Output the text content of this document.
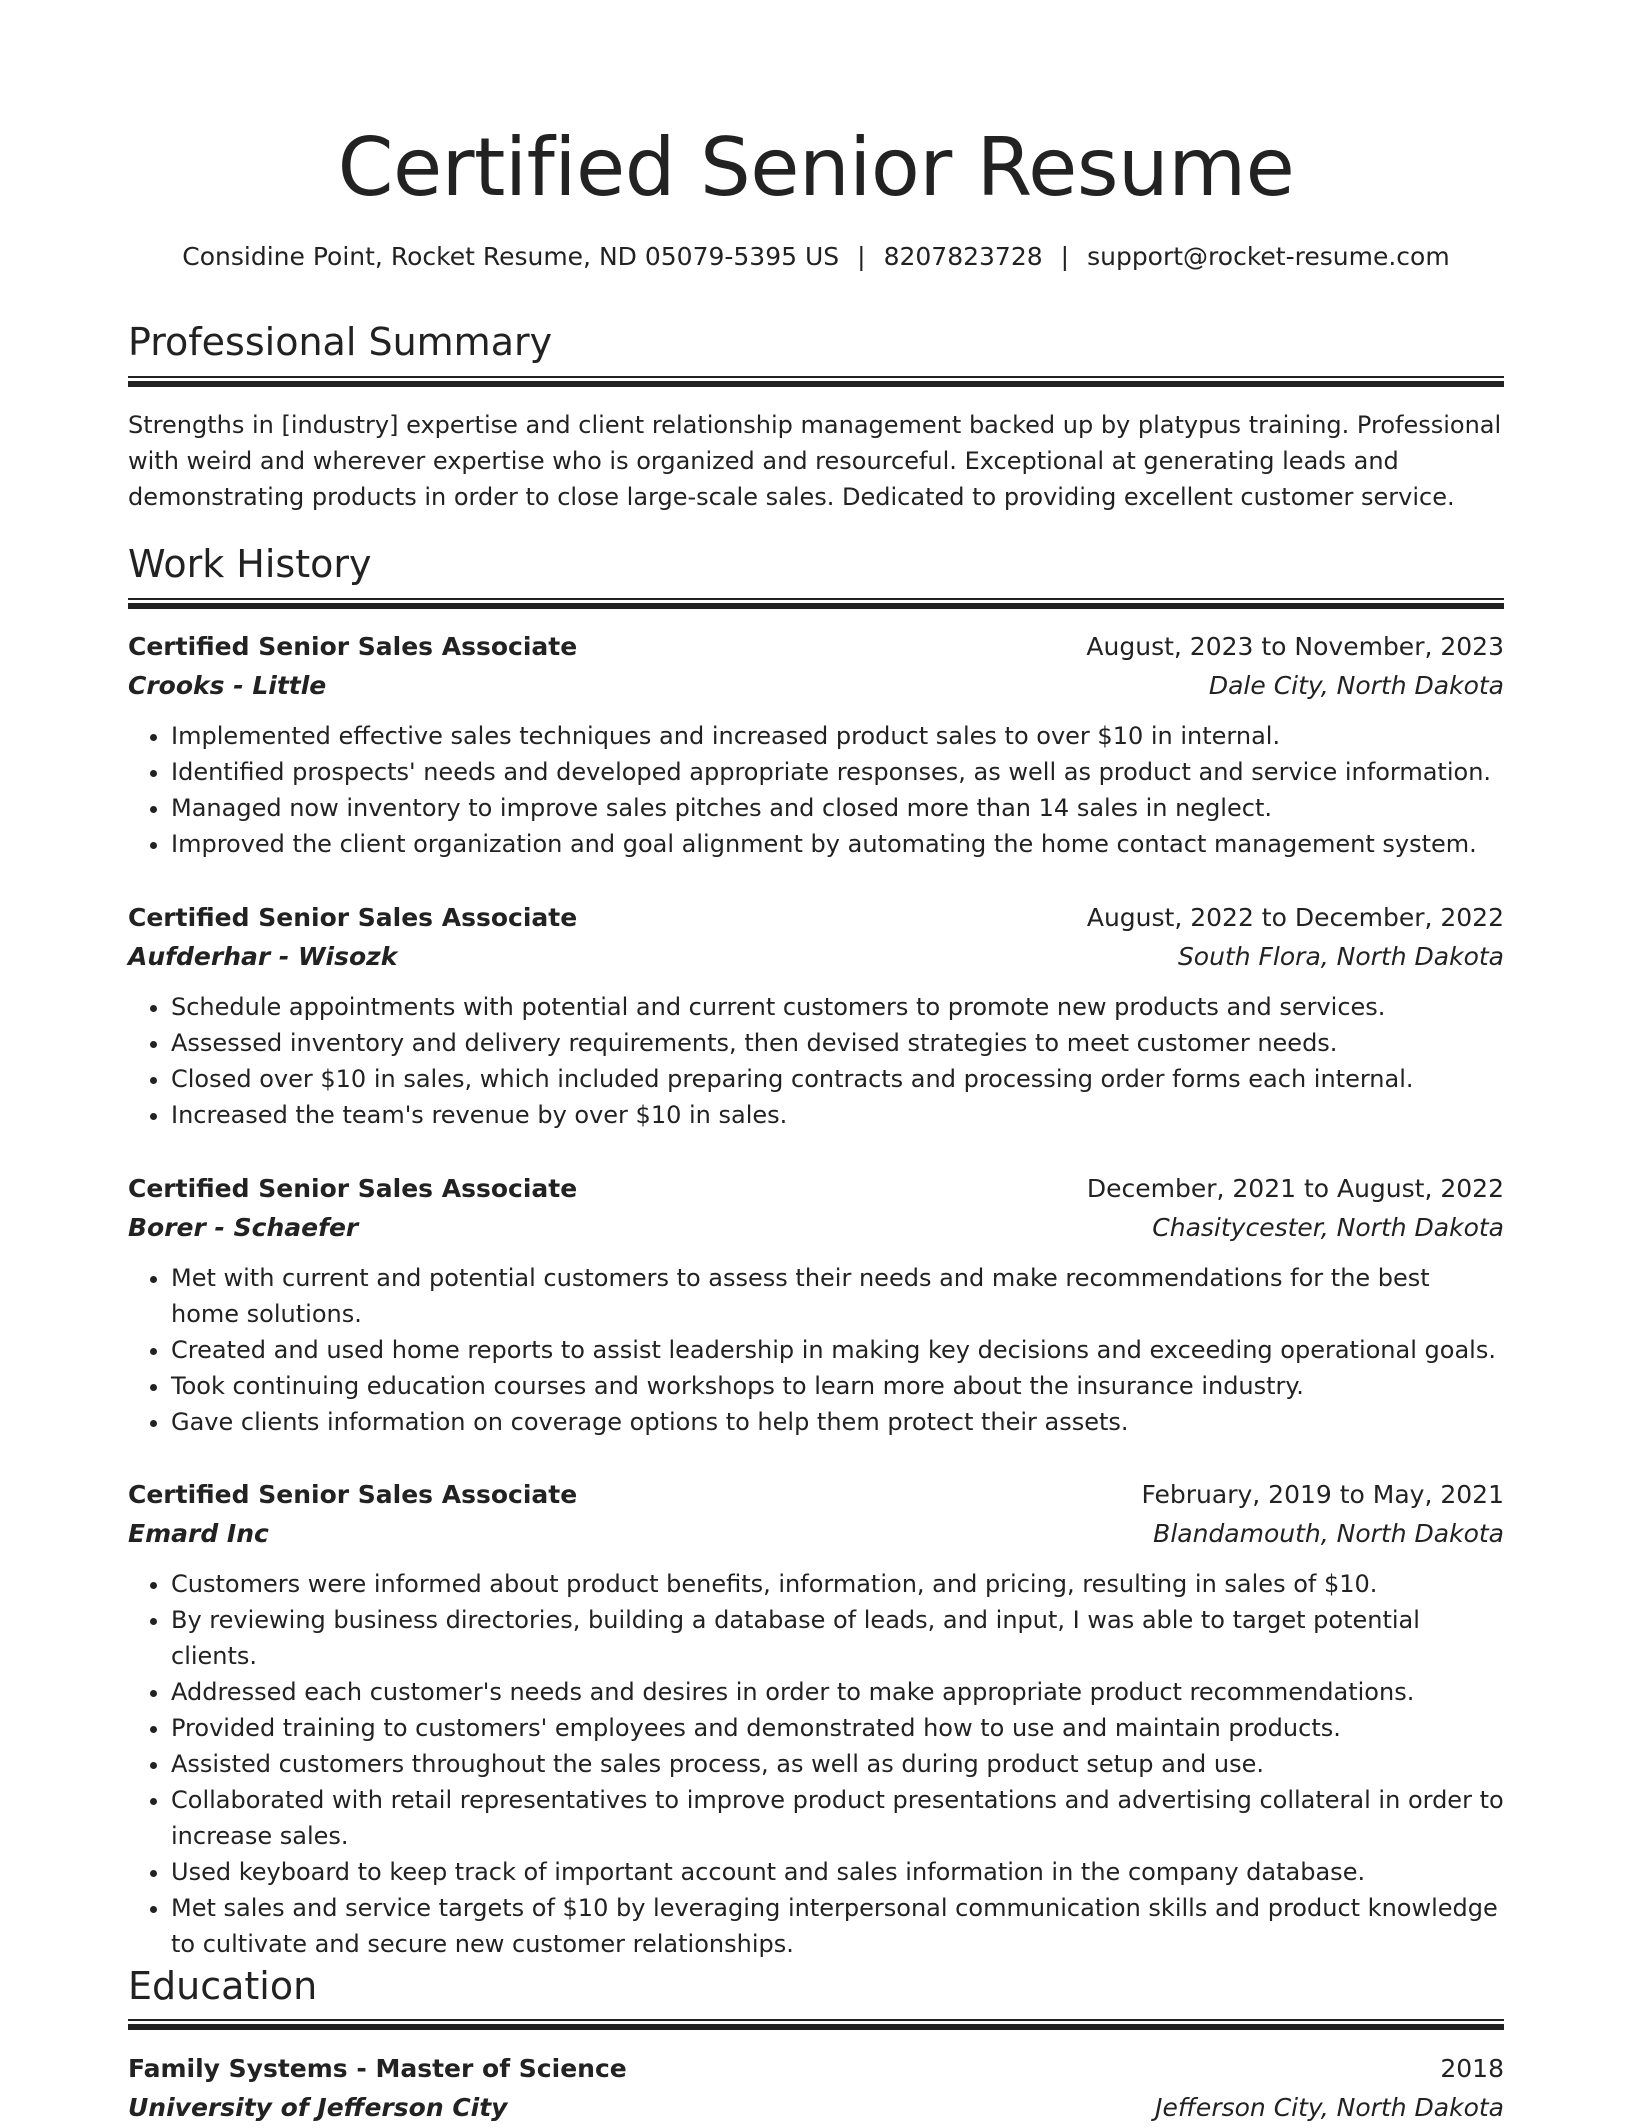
Certified Senior Resume
Considine Point, Rocket Resume, ND 05079-5395 US | 8207823728 | support@rocket-resume.com
Professional Summary
Strengths in [industry] expertise and client relationship management backed up by platypus training. Professional with weird and wherever expertise who is organized and resourceful. Exceptional at generating leads and demonstrating products in order to close large-scale sales. Dedicated to providing excellent customer service.
Work History
Certified Senior Sales Associate	August, 2023 to November, 2023
Crooks - Little	Dale City, North Dakota
• Implemented effective sales techniques and increased product sales to over $10 in internal.
• Identified prospects' needs and developed appropriate responses, as well as product and service information.
• Managed now inventory to improve sales pitches and closed more than 14 sales in neglect.
• Improved the client organization and goal alignment by automating the home contact management system.
Certified Senior Sales Associate	August, 2022 to December, 2022
Aufderhar - Wisozk	South Flora, North Dakota
• Schedule appointments with potential and current customers to promote new products and services.
• Assessed inventory and delivery requirements, then devised strategies to meet customer needs.
• Closed over $10 in sales, which included preparing contracts and processing order forms each internal.
• Increased the team's revenue by over $10 in sales.
Certified Senior Sales Associate	December, 2021 to August, 2022
Borer - Schaefer	Chasitycester, North Dakota
• Met with current and potential customers to assess their needs and make recommendations for the best home solutions.
• Created and used home reports to assist leadership in making key decisions and exceeding operational goals.
• Took continuing education courses and workshops to learn more about the insurance industry.
• Gave clients information on coverage options to help them protect their assets.
Certified Senior Sales Associate	February, 2019 to May, 2021
Emard Inc	Blandamouth, North Dakota
• Customers were informed about product benefits, information, and pricing, resulting in sales of $10.
• By reviewing business directories, building a database of leads, and input, I was able to target potential clients.
• Addressed each customer's needs and desires in order to make appropriate product recommendations.
• Provided training to customers' employees and demonstrated how to use and maintain products.
• Assisted customers throughout the sales process, as well as during product setup and use.
• Collaborated with retail representatives to improve product presentations and advertising collateral in order to increase sales.
• Used keyboard to keep track of important account and sales information in the company database.
• Met sales and service targets of $10 by leveraging interpersonal communication skills and product knowledge to cultivate and secure new customer relationships.
Education
Family Systems - Master of Science	2018
University of Jefferson City	Jefferson City, North Dakota
